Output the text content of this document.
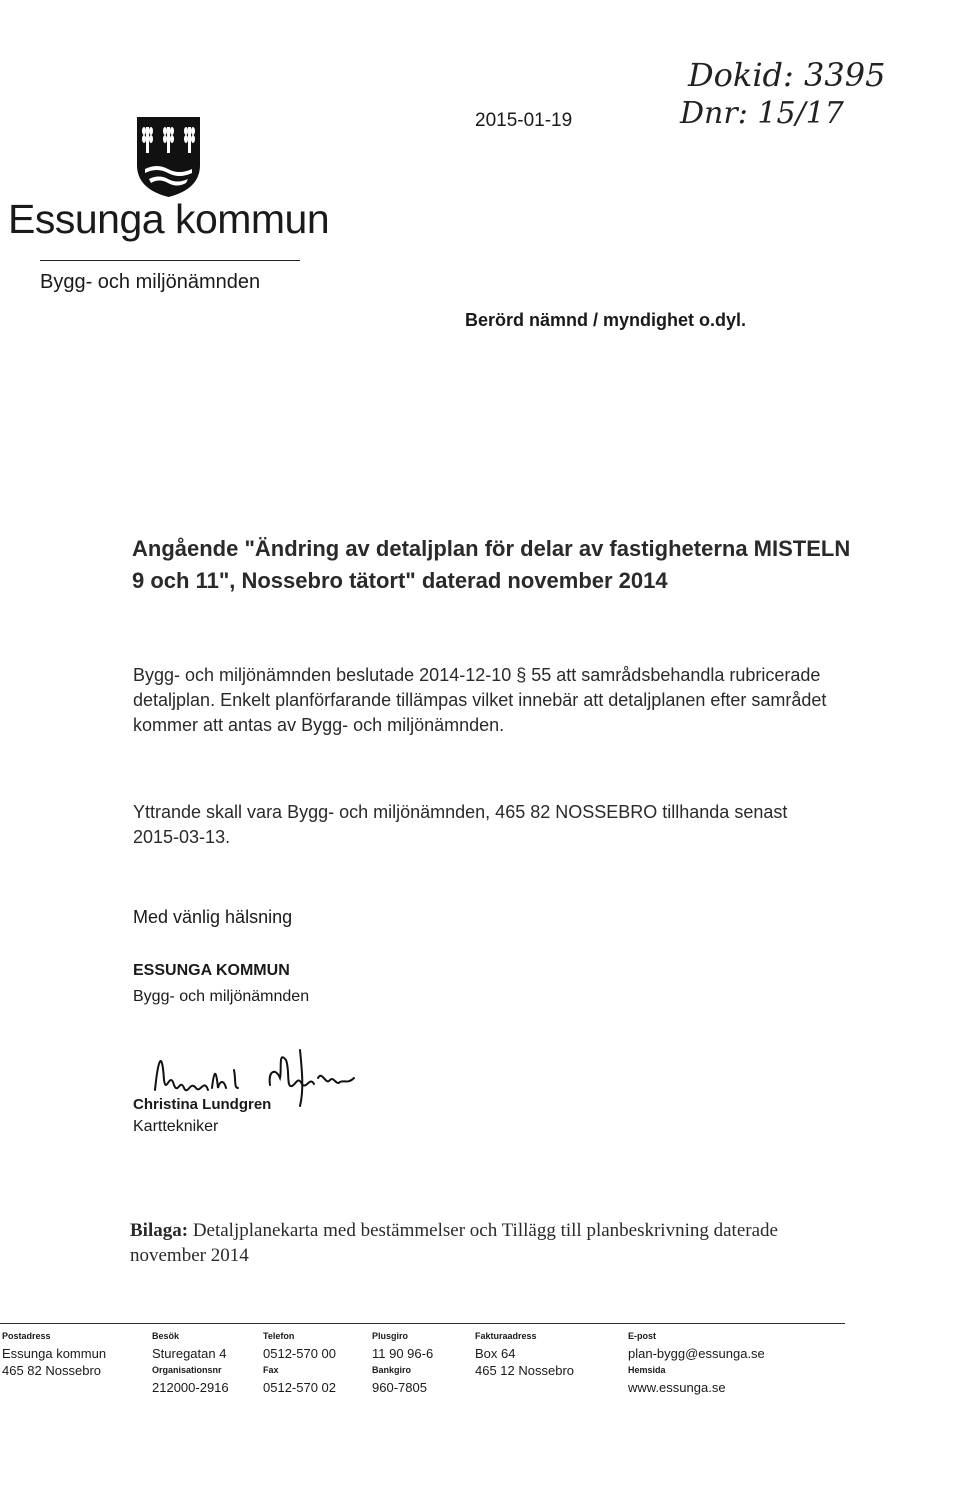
Essunga kommun
Bygg- och miljönämnden
2015-01-19
Dokid: 3395
Dnr: 15/17
Berörd nämnd / myndighet o.dyl.
Angående "Ändring av detaljplan för delar av fastigheterna MISTELN 9 och 11", Nossebro tätort" daterad november 2014
Bygg- och miljönämnden beslutade 2014-12-10 § 55 att samrådsbehandla rubricerade detaljplan. Enkelt planförfarande tillämpas vilket innebär att detaljplanen efter samrådet kommer att antas av Bygg- och miljönämnden.
Yttrande skall vara Bygg- och miljönämnden, 465 82 NOSSEBRO tillhanda senast 2015-03-13.
Med vänlig hälsning
ESSUNGA KOMMUN
Bygg- och miljönämnden
Christina Lundgren
Karttekniker
Bilaga: Detaljplanekarta med bestämmelser och Tillägg till planbeskrivning daterade november 2014
Postadress
Essunga kommun
465 82 Nossebro
Besök
Sturegatan 4
Organisationsnr
212000-2916
Telefon
0512-570 00
Fax
0512-570 02
Plusgiro
11 90 96-6
Bankgiro
960-7805
Fakturaadress
Box 64
465 12 Nossebro
E-post
plan-bygg@essunga.se
Hemsida
www.essunga.se
